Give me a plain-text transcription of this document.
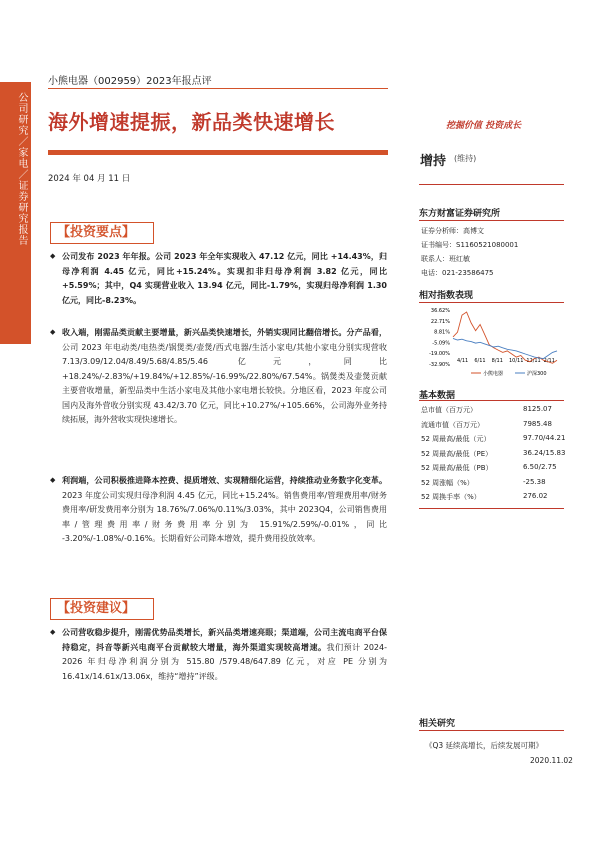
公司研究／家电／证券研究报告
小熊电器（002959）2023年报点评
海外增速提振，新品类快速增长	挖掘价值 投资成长
2024 年 04 月 11 日
增持 (维持)
东方财富证券研究所
证券分析师：高博文
证书编号：S1160521080001
联系人：班红敏
电话：021-23586475
相对指数表现
36.62%
22.71%
8.81%
-5.09%
-19.00%
-32.90%
4/11 6/11 8/11 10/11 12/11 2/11
小熊电器	沪深300
基本数据
总市值（百万元）	8125.07
流通市值（百万元）	7985.48
52 周最高/最低（元）	97.70/44.21
52 周最高/最低（PE）	36.24/15.83
52 周最高/最低（PB）	6.50/2.75
52 周涨幅（%）	-25.38
52 周换手率（%）	276.02
相关研究
《Q3 延续高增长，后续发展可期》
2020.11.02
【投资要点】
◆ 公司发布 2023 年年报。公司 2023 年全年实现收入 47.12 亿元，同比 +14.43%，归母净利润 4.45 亿元，同比+15.24%。实现扣非归母净利润 3.82 亿元，同比+5.59%；其中，Q4 实现营业收入 13.94 亿元，同比-1.79%，实现归母净利润 1.30 亿元，同比-8.23%。
◆ 收入端，刚需品类贡献主要增量，新兴品类快速增长，外销实现同比翻倍增长。分产品看，公司 2023 年电动类/电热类/锅煲类/壶煲/西式电器/生活小家电/其他小家电分别实现营收 7.13/3.09/12.04/8.49/5.68/4.85/5.46 亿元，同比 +18.24%/-2.83%/+19.84%/+12.85%/-16.99%/22.80%/67.54%。锅煲类及壶煲贡献主要营收增量，新型品类中生活小家电及其他小家电增长较快。分地区看，2023 年度公司国内及海外营收分别实现 43.42/3.70 亿元，同比+10.27%/+105.66%，公司海外业务持续拓展，海外营收实现快速增长。
◆ 利润端，公司积极推进降本控费、提质增效、实现精细化运营，持续推动业务数字化变革。2023 年度公司实现归母净利润 4.45 亿元，同比+15.24%。销售费用率/管理费用率/财务费用率/研发费用率分别为 18.76%/7.06%/0.11%/3.03%，其中 2023Q4，公司销售费用率/管理费用率/财务费用率分别为 15.91%/2.59%/-0.01%，同比 -3.20%/-1.08%/-0.16%。长期看好公司降本增效，提升费用投放效率。
【投资建议】
◆ 公司营收稳步提升，刚需优势品类增长，新兴品类增速亮眼；渠道端，公司主流电商平台保持稳定，抖音等新兴电商平台贡献较大增量，海外渠道实现较高增速。我们预计 2024-2026 年归母净利润分别为 515.80 /579.48/647.89 亿元，对应 PE 分别为 16.41x/14.61x/13.06x，维持“增持”评级。
